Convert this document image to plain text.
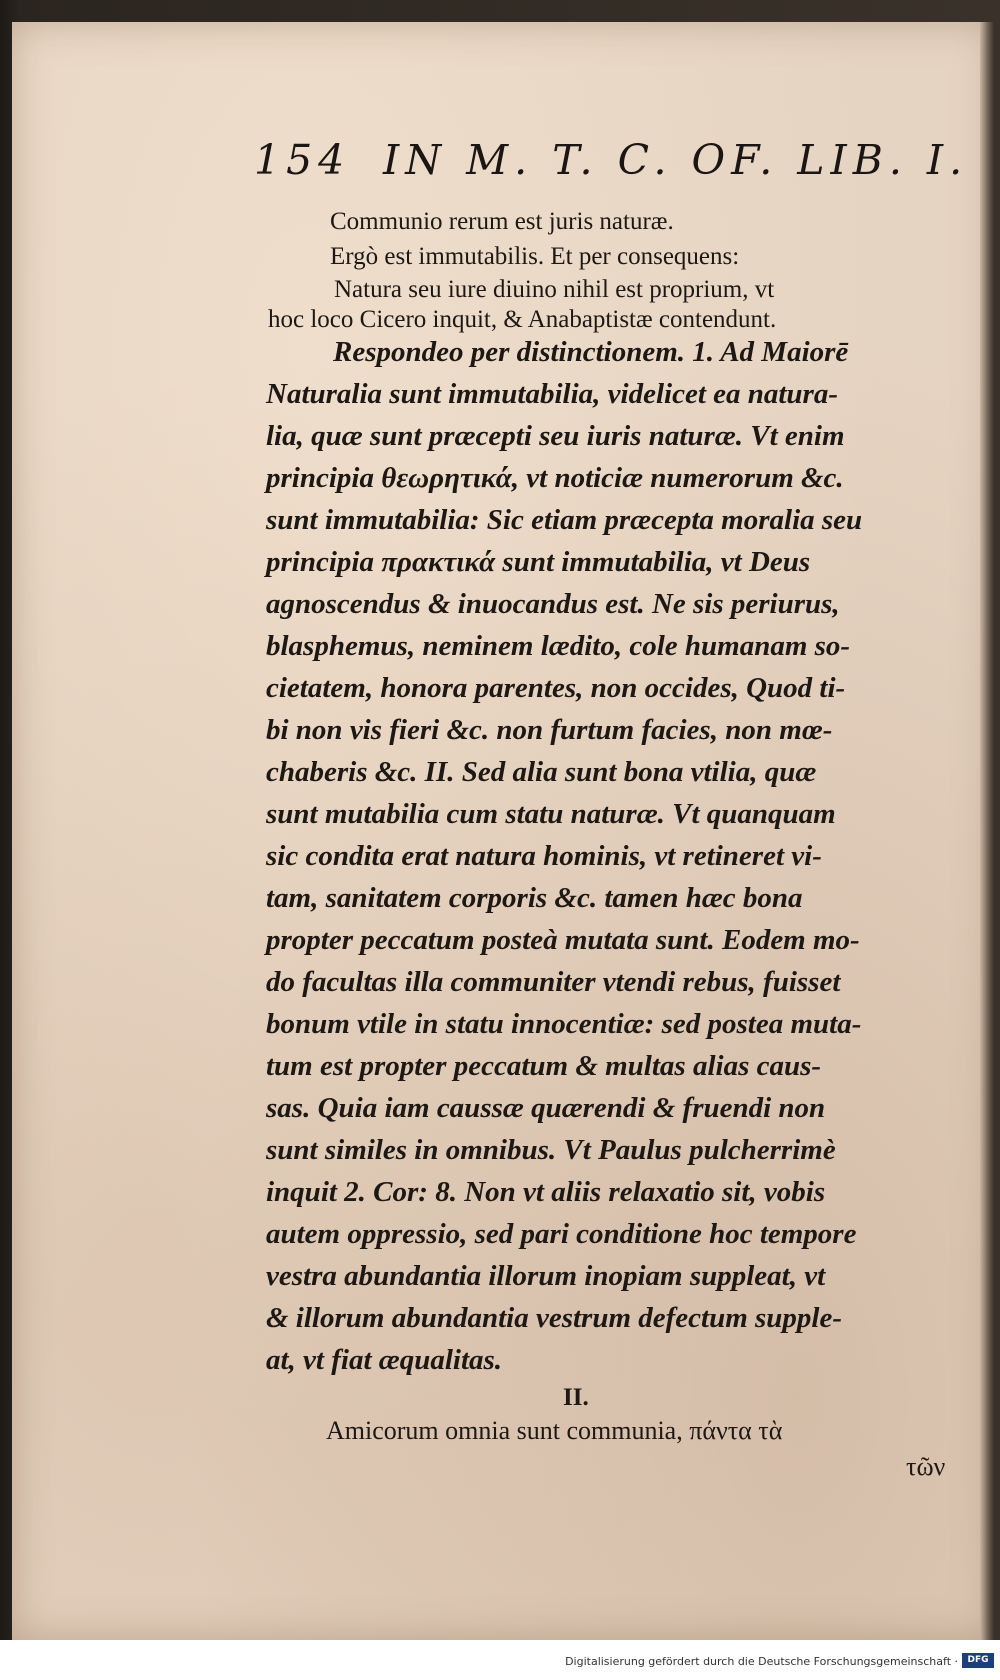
154 IN M. T. C. OF. LIB. I.
Communio rerum est juris naturæ.
Ergò est immutabilis. Et per consequens:
Natura seu iure diuino nihil est proprium, vt
hoc loco Cicero inquit, & Anabaptistæ contendunt.
Respondeo per distinctionem. 1. Ad Maiorē
Naturalia sunt immutabilia, videlicet ea natura-
lia, quæ sunt præcepti seu iuris naturæ. Vt enim
principia θεωρητικά, vt noticiæ numerorum &c.
sunt immutabilia: Sic etiam præcepta moralia seu
principia πρακτικά sunt immutabilia, vt Deus
agnoscendus & inuocandus est. Ne sis periurus,
blasphemus, neminem lædito, cole humanam so-
cietatem, honora parentes, non occides, Quod ti-
bi non vis fieri &c. non furtum facies, non mœ-
chaberis &c. II. Sed alia sunt bona vtilia, quæ
sunt mutabilia cum statu naturæ. Vt quanquam
sic condita erat natura hominis, vt retineret vi-
tam, sanitatem corporis &c. tamen hæc bona
propter peccatum posteà mutata sunt. Eodem mo-
do facultas illa communiter vtendi rebus, fuisset
bonum vtile in statu innocentiæ: sed postea muta-
tum est propter peccatum & multas alias caus-
sas. Quia iam caussæ quærendi & fruendi non
sunt similes in omnibus. Vt Paulus pulcherrimè
inquit 2. Cor: 8. Non vt aliis relaxatio sit, vobis
autem oppressio, sed pari conditione hoc tempore
vestra abundantia illorum inopiam suppleat, vt
& illorum abundantia vestrum defectum supple-
at, vt fiat æqualitas.
II.
Amicorum omnia sunt communia, πάντα τὰ
τῶν
Digitalisierung gefördert durch die Deutsche Forschungsgemeinschaft ·	DFG
